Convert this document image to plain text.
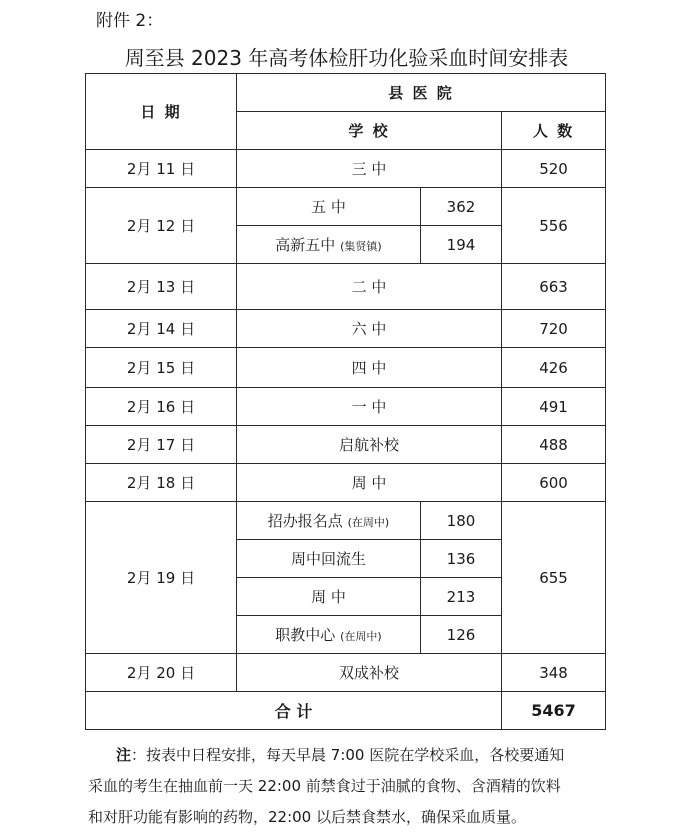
附件 2：
周至县 2023 年高考体检肝功化验采血时间安排表
日 期	县 医 院		
	学 校		人 数
2月 11 日	三 中		520
2月 12 日	五 中	362	556
	高新五中 (集贤镇)	194	
2月 13 日	二 中		663
2月 14 日	六 中		720
2月 15 日	四 中		426
2月 16 日	一 中		491
2月 17 日	启航补校		488
2月 18 日	周 中		600
2月 19 日	招办报名点 (在周中)	180	655
	周中回流生	136	
	周 中	213	
	职教中心 (在周中)	126	
2月 20 日	双成补校		348
合 计			5467
注：按表中日程安排，每天早晨 7:00 医院在学校采血，各校要通知
采血的考生在抽血前一天 22:00 前禁食过于油腻的食物、含酒精的饮料
和对肝功能有影响的药物，22:00 以后禁食禁水，确保采血质量。
